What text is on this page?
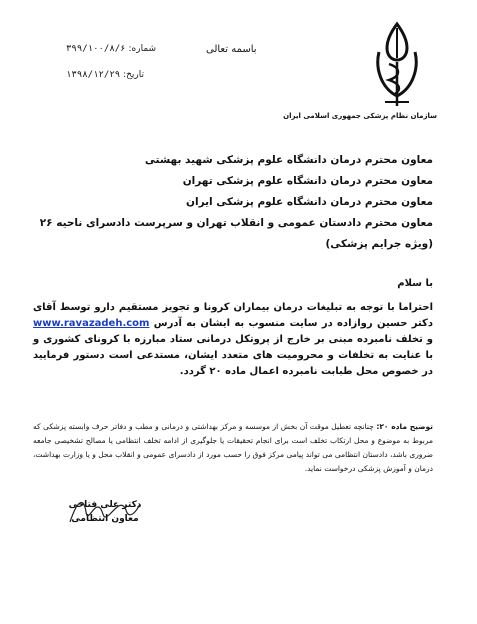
سازمان نظام پزشکی جمهوری اسلامی ایران
باسمه تعالی
شماره: ۳۹۹/۱۰۰/۸/۶
تاریخ: ۱۳۹۸/۱۲/۲۹
معاون محترم درمان دانشگاه علوم پزشکی شهید بهشتی
معاون محترم درمان دانشگاه علوم پزشکی تهران
معاون محترم درمان دانشگاه علوم پزشکی ایران
معاون محترم دادستان عمومی و انقلاب تهران و سرپرست دادسرای ناحیه ۲۶ (ویژه جرایم پزشکی)
با سلام
احتراما با توجه به تبلیغات درمان بیماران کرونا و تجویز مستقیم دارو توسط آقای دکتر حسین روازاده در سایت منسوب به ایشان به آدرس www.ravazadeh.com و تخلف نامبرده مبنی بر خارج از پروتکل درمانی ستاد مبارزه با کرونای کشوری و با عنایت به تخلفات و محرومیت های متعدد ایشان، مستدعی است دستور فرمایید در خصوص محل طبابت نامبرده اعمال ماده ۲۰ گردد.
توضیح ماده ۲۰: چنانچه تعطیل موقت آن بخش از موسسه و مرکز بهداشتی و درمانی و مطب و دفاتر حرف وابسته پزشکی که مربوط به موضوع و محل ارتکاب تخلف است برای انجام تحقیقات یا جلوگیری از ادامه تخلف انتظامی یا مصالح تشخیصی جامعه ضروری باشد، دادستان انتظامی می تواند پیامی مرکز فوق را حسب مورد از دادسرای عمومی و انقلاب محل و یا وزارت بهداشت، درمان و آموزش پزشکی درخواست نماید.
دکتر علی فتاحی
معاون انتظامی
